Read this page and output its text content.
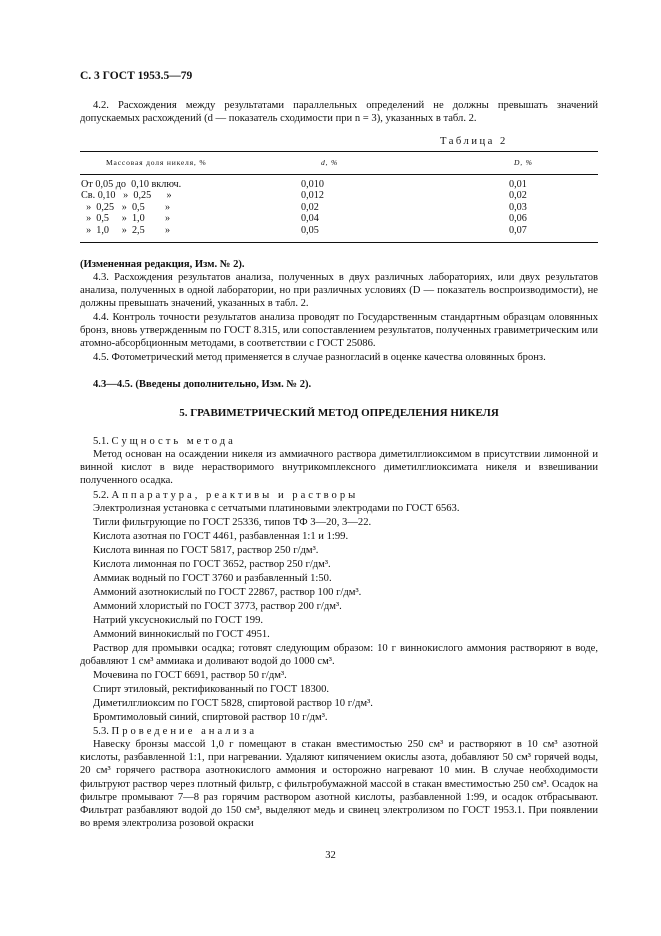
С. 3 ГОСТ 1953.5—79
4.2. Расхождения между результатами параллельных определений не должны превышать значений допускаемых расхождений (d — показатель сходимости при n = 3), указанных в табл. 2.
Таблица 2
Массовая доля никеля, %	d, %	D, %
От 0,05 до  0,10 включ.	0,010	0,01
Св. 0,10   »  0,25      »	0,012	0,02
»  0,25   »  0,5        »	0,02	0,03
»  0,5     »  1,0        »	0,04	0,06
»  1,0     »  2,5        »	0,05	0,07
(Измененная редакция, Изм. № 2).
4.3. Расхождения результатов анализа, полученных в двух различных лабораториях, или двух результатов анализа, полученных в одной лаборатории, но при различных условиях (D — показатель воспроизводимости), не должны превышать значений, указанных в табл. 2.
4.4. Контроль точности результатов анализа проводят по Государственным стандартным образцам оловянных бронз, вновь утвержденным по ГОСТ 8.315, или сопоставлением результатов, полученных гравиметрическим или атомно-абсорбционным методами, в соответствии с ГОСТ 25086.
4.5. Фотометрический метод применяется в случае разногласий в оценке качества оловянных бронз.
4.3—4.5. (Введены дополнительно, Изм. № 2).
5. ГРАВИМЕТРИЧЕСКИЙ МЕТОД ОПРЕДЕЛЕНИЯ НИКЕЛЯ
5.1. Сущность метода
Метод основан на осаждении никеля из аммиачного раствора диметилглиоксимом в присутствии лимонной и винной кислот в виде нерастворимого внутрикомплексного диметилглиоксимата никеля и взвешивании полученного осадка.
5.2. Аппаратура, реактивы и растворы
Электролизная установка с сетчатыми платиновыми электродами по ГОСТ 6563.
Тигли фильтрующие по ГОСТ 25336, типов ТФ 3—20, 3—22.
Кислота азотная по ГОСТ 4461, разбавленная 1:1 и 1:99.
Кислота винная по ГОСТ 5817, раствор 250 г/дм³.
Кислота лимонная по ГОСТ 3652, раствор 250 г/дм³.
Аммиак водный по ГОСТ 3760 и разбавленный 1:50.
Аммоний азотнокислый по ГОСТ 22867, раствор 100 г/дм³.
Аммоний хлористый по ГОСТ 3773, раствор 200 г/дм³.
Натрий уксуснокислый по ГОСТ 199.
Аммоний виннокислый по ГОСТ 4951.
Раствор для промывки осадка; готовят следующим образом: 10 г виннокислого аммония растворяют в воде, добавляют 1 см³ аммиака и доливают водой до 1000 см³.
Мочевина по ГОСТ 6691, раствор 50 г/дм³.
Спирт этиловый, ректификованный по ГОСТ 18300.
Диметилглиоксим по ГОСТ 5828, спиртовой раствор 10 г/дм³.
Бромтимоловый синий, спиртовой раствор 10 г/дм³.
5.3. Проведение анализа
Навеску бронзы массой 1,0 г помещают в стакан вместимостью 250 см³ и растворяют в 10 см³ азотной кислоты, разбавленной 1:1, при нагревании. Удаляют кипячением окислы азота, добавляют 50 см³ горячей воды, 20 см³ горячего раствора азотнокислого аммония и осторожно нагревают 10 мин. В случае необходимости фильтруют раствор через плотный фильтр, с фильтробумажной массой в стакан вместимостью 250 см³. Осадок на фильтре промывают 7—8 раз горячим раствором азотной кислоты, разбавленной 1:99, и осадок отбрасывают. Фильтрат разбавляют водой до 150 см³, выделяют медь и свинец электролизом по ГОСТ 1953.1. При появлении во время электролиза розовой окраски
32
